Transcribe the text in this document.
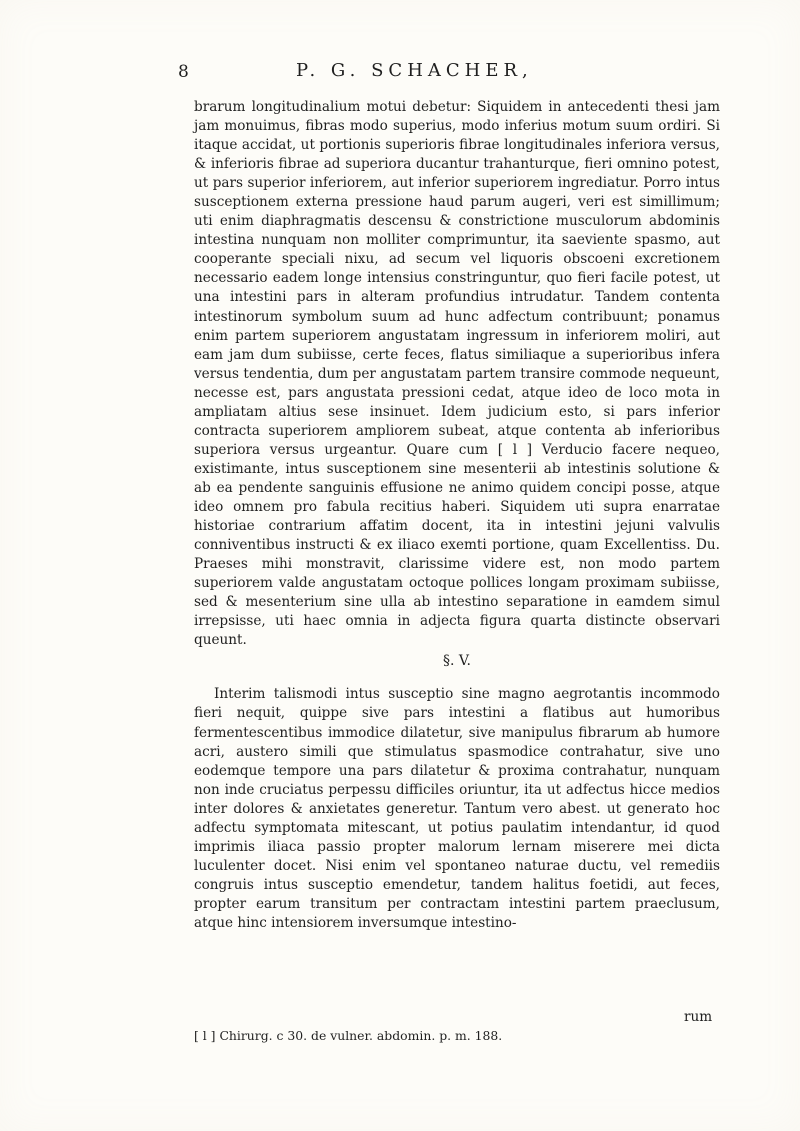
8	P. G. SCHACHER,

brarum longitudinalium motui debetur: Siquidem in antecedenti thesi jam jam monuimus, fibras modo superius, modo inferius motum suum ordiri. Si itaque accidat, ut portionis superioris fibrae longitudinales inferiora versus, & inferioris fibrae ad superiora ducantur trahanturque, fieri omnino potest, ut pars superior inferiorem, aut inferior superiorem ingrediatur. Porro intus susceptionem externa pressione haud parum augeri, veri est simillimum; uti enim diaphragmatis descensu & constrictione musculorum abdominis intestina nunquam non molliter comprimuntur, ita saeviente spasmo, aut cooperante speciali nixu, ad secum vel liquoris obscoeni excretionem necessario eadem longe intensius constringuntur, quo fieri facile potest, ut una intestini pars in alteram profundius intrudatur. Tandem contenta intestinorum symbolum suum ad hunc adfectum contribuunt; ponamus enim partem superiorem angustatam ingressum in inferiorem moliri, aut eam jam dum subiisse, certe feces, flatus similiaque a superioribus infera versus tendentia, dum per angustatam partem transire commode nequeunt, necesse est, pars angustata pressioni cedat, atque ideo de loco mota in ampliatam altius sese insinuet. Idem judicium esto, si pars inferior contracta superiorem ampliorem subeat, atque contenta ab inferioribus superiora versus urgeantur. Quare cum [ l ] Verducio facere nequeo, existimante, intus susceptionem sine mesenterii ab intestinis solutione & ab ea pendente sanguinis effusione ne animo quidem concipi posse, atque ideo omnem pro fabula recitius haberi. Siquidem uti supra enarratae historiae contrarium affatim docent, ita in intestini jejuni valvulis conniventibus instructi & ex iliaco exemti portione, quam Excellentiss. Du. Praeses mihi monstravit, clarissime videre est, non modo partem superiorem valde angustatam octoque pollices longam proximam subiisse, sed & mesenterium sine ulla ab intestino separatione in eamdem simul irrepsisse, uti haec omnia in adjecta figura quarta distincte observari queunt.

§. V.

Interim talismodi intus susceptio sine magno aegrotantis incommodo fieri nequit, quippe sive pars intestini a flatibus aut humoribus fermentescentibus immodice dilatetur, sive manipulus fibrarum ab humore acri, austero simili que stimulatus spasmodice contrahatur, sive uno eodemque tempore una pars dilatetur & proxima contrahatur, nunquam non inde cruciatus perpessu difficiles oriuntur, ita ut adfectus hicce medios inter dolores & anxietates generetur. Tantum vero abest. ut generato hoc adfectu symptomata mitescant, ut potius paulatim intendantur, id quod imprimis iliaca passio propter malorum lernam miserere mei dicta luculenter docet. Nisi enim vel spontaneo naturae ductu, vel remediis congruis intus susceptio emendetur, tandem halitus foetidi, aut feces, propter earum transitum per contractam intestini partem praeclusum, atque hinc intensiorem inversumque intestino-

rum
[ l ] Chirurg. c 30. de vulner. abdomin. p. m. 188.
